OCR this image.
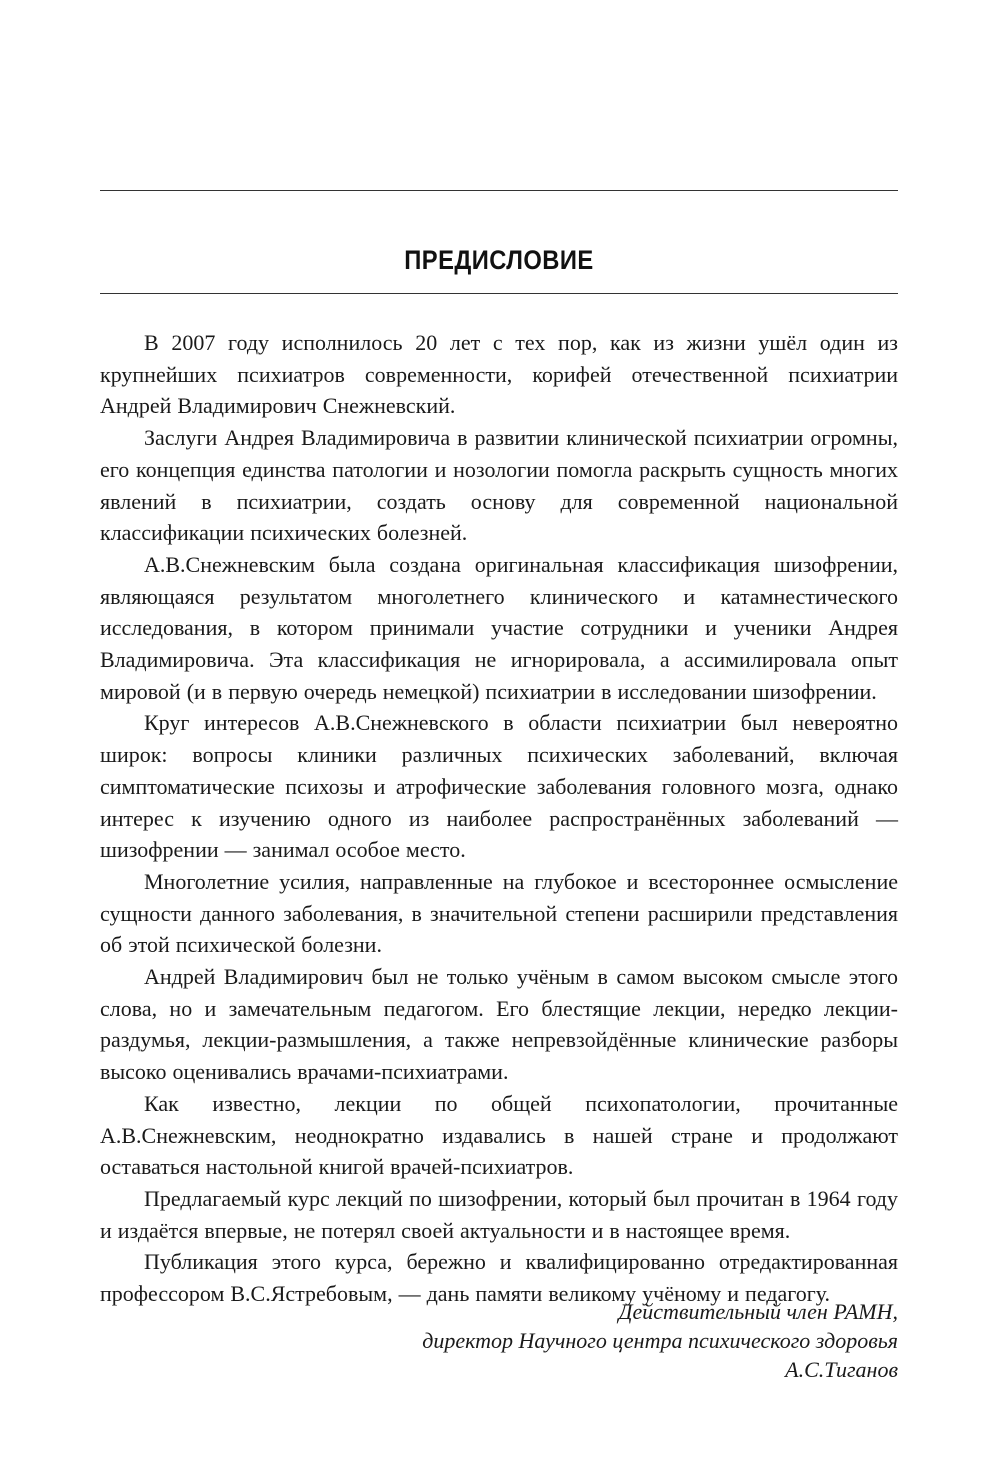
ПРЕДИСЛОВИЕ

В 2007 году исполнилось 20 лет с тех пор, как из жизни ушёл один из крупнейших психиатров современности, корифей отечественной психиатрии Андрей Владимирович Снежневский.

Заслуги Андрея Владимировича в развитии клинической психиатрии огромны, его концепция единства патологии и нозологии помогла раскрыть сущность многих явлений в психиатрии, создать основу для современной национальной классификации психических болезней.

А.В.Снежневским была создана оригинальная классификация шизофрении, являющаяся результатом многолетнего клинического и катамнестического исследования, в котором принимали участие сотрудники и ученики Андрея Владимировича. Эта классификация не игнорировала, а ассимилировала опыт мировой (и в первую очередь немецкой) психиатрии в исследовании шизофрении.

Круг интересов А.В.Снежневского в области психиатрии был невероятно широк: вопросы клиники различных психических заболеваний, включая симптоматические психозы и атрофические заболевания головного мозга, однако интерес к изучению одного из наиболее распространённых заболеваний — шизофрении — занимал особое место.

Многолетние усилия, направленные на глубокое и всестороннее осмысление сущности данного заболевания, в значительной степени расширили представления об этой психической болезни.

Андрей Владимирович был не только учёным в самом высоком смысле этого слова, но и замечательным педагогом. Его блестящие лекции, нередко лекции-раздумья, лекции-размышления, а также непревзойдённые клинические разборы высоко оценивались врачами-психиатрами.

Как известно, лекции по общей психопатологии, прочитанные А.В.Снежневским, неоднократно издавались в нашей стране и продолжают оставаться настольной книгой врачей-психиатров.

Предлагаемый курс лекций по шизофрении, который был прочитан в 1964 году и издаётся впервые, не потерял своей актуальности и в настоящее время.

Публикация этого курса, бережно и квалифицированно отредактированная профессором В.С.Ястребовым, — дань памяти великому учёному и педагогу.

Действительный член РАМН,
директор Научного центра психического здоровья
А.С.Тиганов
